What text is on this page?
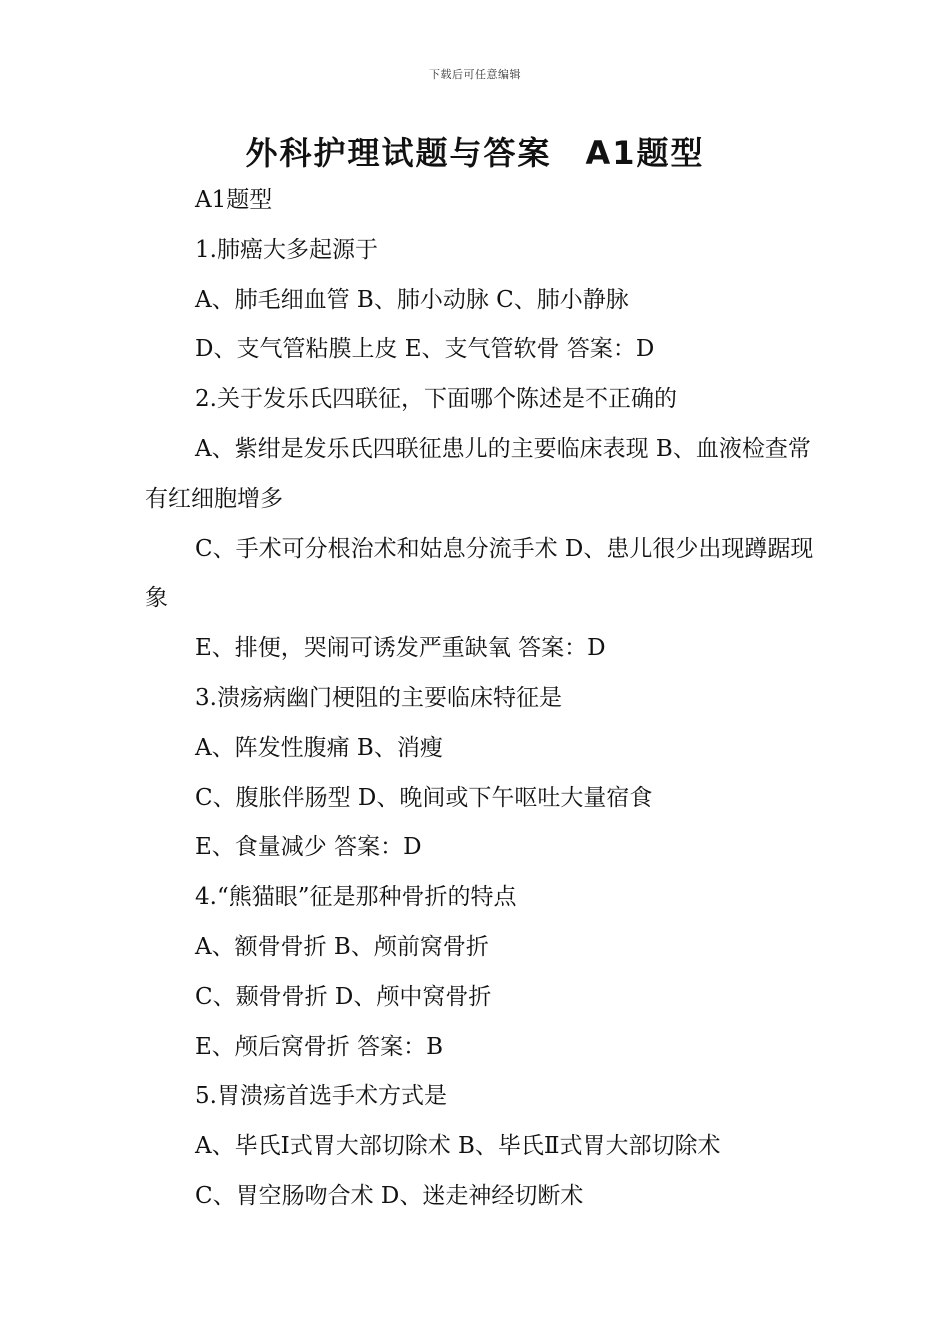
下载后可任意编辑
外科护理试题与答案　A1题型

A1题型

1.肺癌大多起源于

A、肺毛细血管 B、肺小动脉 C、肺小静脉

D、支气管粘膜上皮 E、支气管软骨 答案：D

2.关于发乐氏四联征，下面哪个陈述是不正确的

A、紫绀是发乐氏四联征患儿的主要临床表现 B、血液检查常有红细胞增多

C、手术可分根治术和姑息分流手术 D、患儿很少出现蹲踞现象

E、排便，哭闹可诱发严重缺氧 答案：D

3.溃疡病幽门梗阻的主要临床特征是

A、阵发性腹痛 B、消瘦

C、腹胀伴肠型 D、晚间或下午呕吐大量宿食

E、食量减少 答案：D

4.“熊猫眼”征是那种骨折的特点

A、额骨骨折 B、颅前窝骨折

C、颞骨骨折 D、颅中窝骨折

E、颅后窝骨折 答案：B

5.胃溃疡首选手术方式是

A、毕氏Ⅰ式胃大部切除术 B、毕氏Ⅱ式胃大部切除术

C、胃空肠吻合术 D、迷走神经切断术
